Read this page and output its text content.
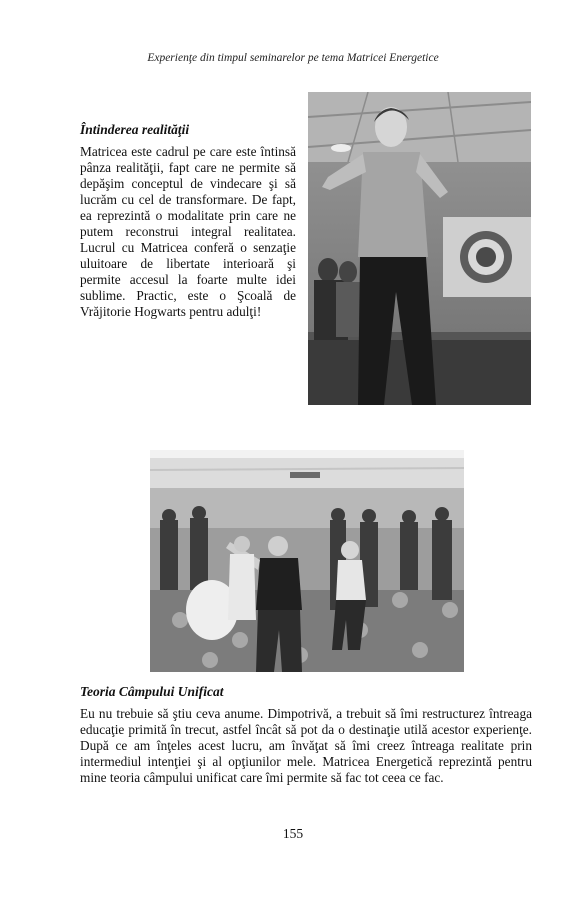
Experienţe din timpul seminarelor pe tema Matricei Energetice

Întinderea realităţii

Matricea este cadrul pe care este întinsă pânza realităţii, fapt care ne permite să depăşim conceptul de vindecare şi să lucrăm cu cel de transformare. De fapt, ea reprezintă o modalitate prin care ne putem reconstrui integral realitatea. Lucrul cu Matricea conferă o senzaţie uluitoare de libertate interioară şi permite accesul la foarte multe idei sublime. Practic, este o Şcoală de Vrăjitorie Hogwarts pentru adulţi!

Teoria Câmpului Unificat

Eu nu trebuie să ştiu ceva anume. Dimpotrivă, a trebuit să îmi restructurez întreaga educaţie primită în trecut, astfel încât să pot da o destinaţie utilă acestor experienţe. După ce am înţeles acest lucru, am învăţat să îmi creez întreaga realitate prin intermediul intenţiei şi al opţiunilor mele. Matricea Energetică reprezintă pentru mine teoria câmpului unificat care îmi permite să fac tot ceea ce fac.

155
